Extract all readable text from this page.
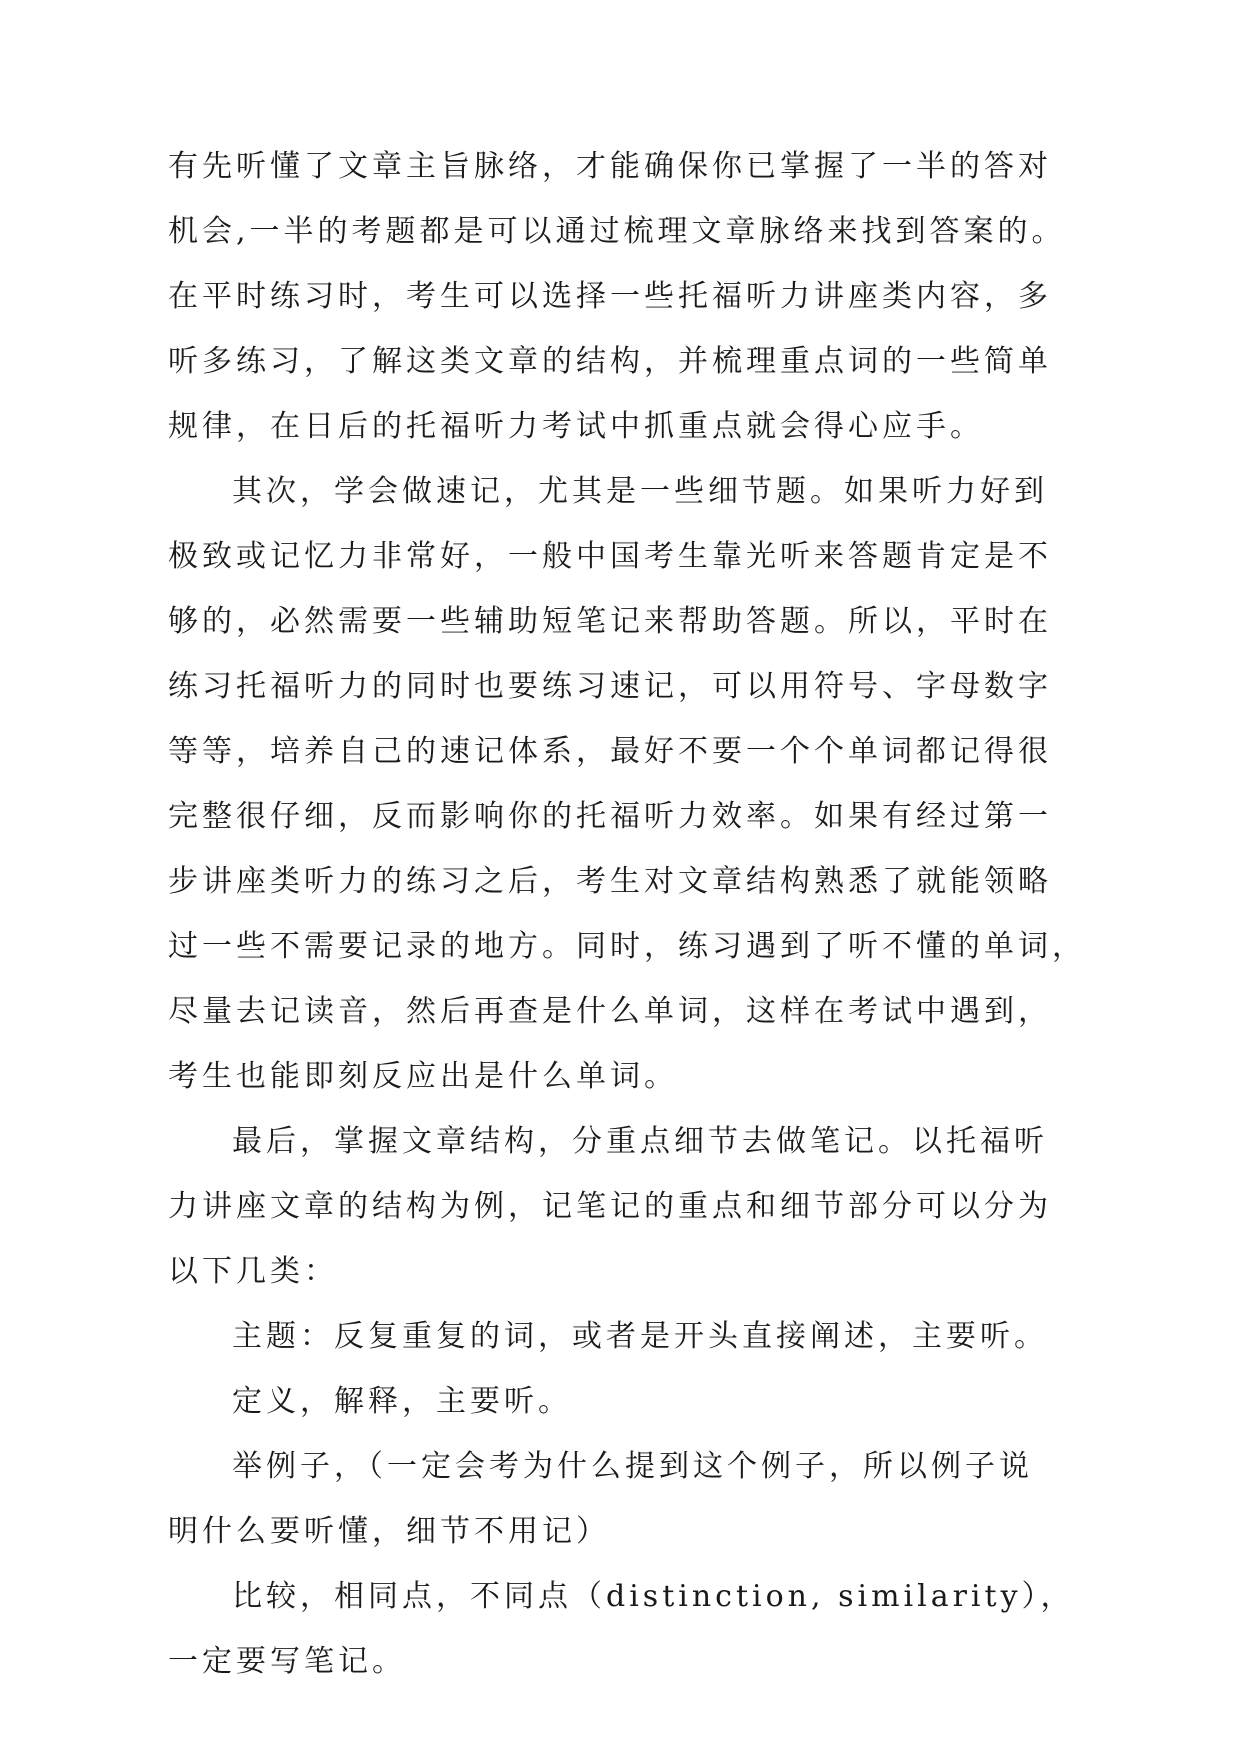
有先听懂了文章主旨脉络，才能确保你已掌握了一半的答对
机会,一半的考题都是可以通过梳理文章脉络来找到答案的。
在平时练习时，考生可以选择一些托福听力讲座类内容，多
听多练习，了解这类文章的结构，并梳理重点词的一些简单
规律，在日后的托福听力考试中抓重点就会得心应手。
其次，学会做速记，尤其是一些细节题。如果听力好到
极致或记忆力非常好，一般中国考生靠光听来答题肯定是不
够的，必然需要一些辅助短笔记来帮助答题。所以，平时在
练习托福听力的同时也要练习速记，可以用符号、字母数字
等等，培养自己的速记体系，最好不要一个个单词都记得很
完整很仔细，反而影响你的托福听力效率。如果有经过第一
步讲座类听力的练习之后，考生对文章结构熟悉了就能领略
过一些不需要记录的地方。同时，练习遇到了听不懂的单词，
尽量去记读音，然后再查是什么单词，这样在考试中遇到，
考生也能即刻反应出是什么单词。
最后，掌握文章结构，分重点细节去做笔记。以托福听
力讲座文章的结构为例，记笔记的重点和细节部分可以分为
以下几类：
主题：反复重复的词，或者是开头直接阐述，主要听。
定义，解释，主要听。
举例子，（一定会考为什么提到这个例子，所以例子说
明什么要听懂，细节不用记）
比较，相同点，不同点（distinction, similarity），
一定要写笔记。
